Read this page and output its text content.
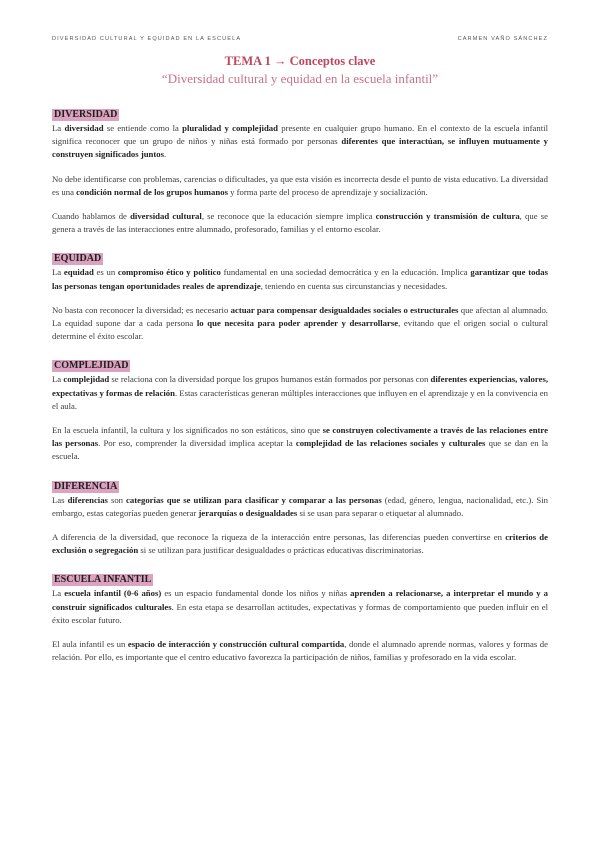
DIVERSIDAD CULTURAL Y EQUIDAD EN LA ESCUELA	CARMEN VAÑO SÁNCHEZ
TEMA 1 → Conceptos clave
“Diversidad cultural y equidad en la escuela infantil”
DIVERSIDAD

La diversidad se entiende como la pluralidad y complejidad presente en cualquier grupo humano. En el contexto de la escuela infantil significa reconocer que un grupo de niños y niñas está formado por personas diferentes que interactúan, se influyen mutuamente y construyen significados juntos.

No debe identificarse con problemas, carencias o dificultades, ya que esta visión es incorrecta desde el punto de vista educativo. La diversidad es una condición normal de los grupos humanos y forma parte del proceso de aprendizaje y socialización.

Cuando hablamos de diversidad cultural, se reconoce que la educación siempre implica construcción y transmisión de cultura, que se genera a través de las interacciones entre alumnado, profesorado, familias y el entorno escolar.

EQUIDAD

La equidad es un compromiso ético y político fundamental en una sociedad democrática y en la educación. Implica garantizar que todas las personas tengan oportunidades reales de aprendizaje, teniendo en cuenta sus circunstancias y necesidades.

No basta con reconocer la diversidad; es necesario actuar para compensar desigualdades sociales o estructurales que afectan al alumnado. La equidad supone dar a cada persona lo que necesita para poder aprender y desarrollarse, evitando que el origen social o cultural determine el éxito escolar.

COMPLEJIDAD

La complejidad se relaciona con la diversidad porque los grupos humanos están formados por personas con diferentes experiencias, valores, expectativas y formas de relación. Estas características generan múltiples interacciones que influyen en el aprendizaje y en la convivencia en el aula.

En la escuela infantil, la cultura y los significados no son estáticos, sino que se construyen colectivamente a través de las relaciones entre las personas. Por eso, comprender la diversidad implica aceptar la complejidad de las relaciones sociales y culturales que se dan en la escuela.

DIFERENCIA

Las diferencias son categorías que se utilizan para clasificar y comparar a las personas (edad, género, lengua, nacionalidad, etc.). Sin embargo, estas categorías pueden generar jerarquías o desigualdades si se usan para separar o etiquetar al alumnado.

A diferencia de la diversidad, que reconoce la riqueza de la interacción entre personas, las diferencias pueden convertirse en criterios de exclusión o segregación si se utilizan para justificar desigualdades o prácticas educativas discriminatorias.

ESCUELA INFANTIL

La escuela infantil (0-6 años) es un espacio fundamental donde los niños y niñas aprenden a relacionarse, a interpretar el mundo y a construir significados culturales. En esta etapa se desarrollan actitudes, expectativas y formas de comportamiento que pueden influir en el éxito escolar futuro.

El aula infantil es un espacio de interacción y construcción cultural compartida, donde el alumnado aprende normas, valores y formas de relación. Por ello, es importante que el centro educativo favorezca la participación de niños, familias y profesorado en la vida escolar.
